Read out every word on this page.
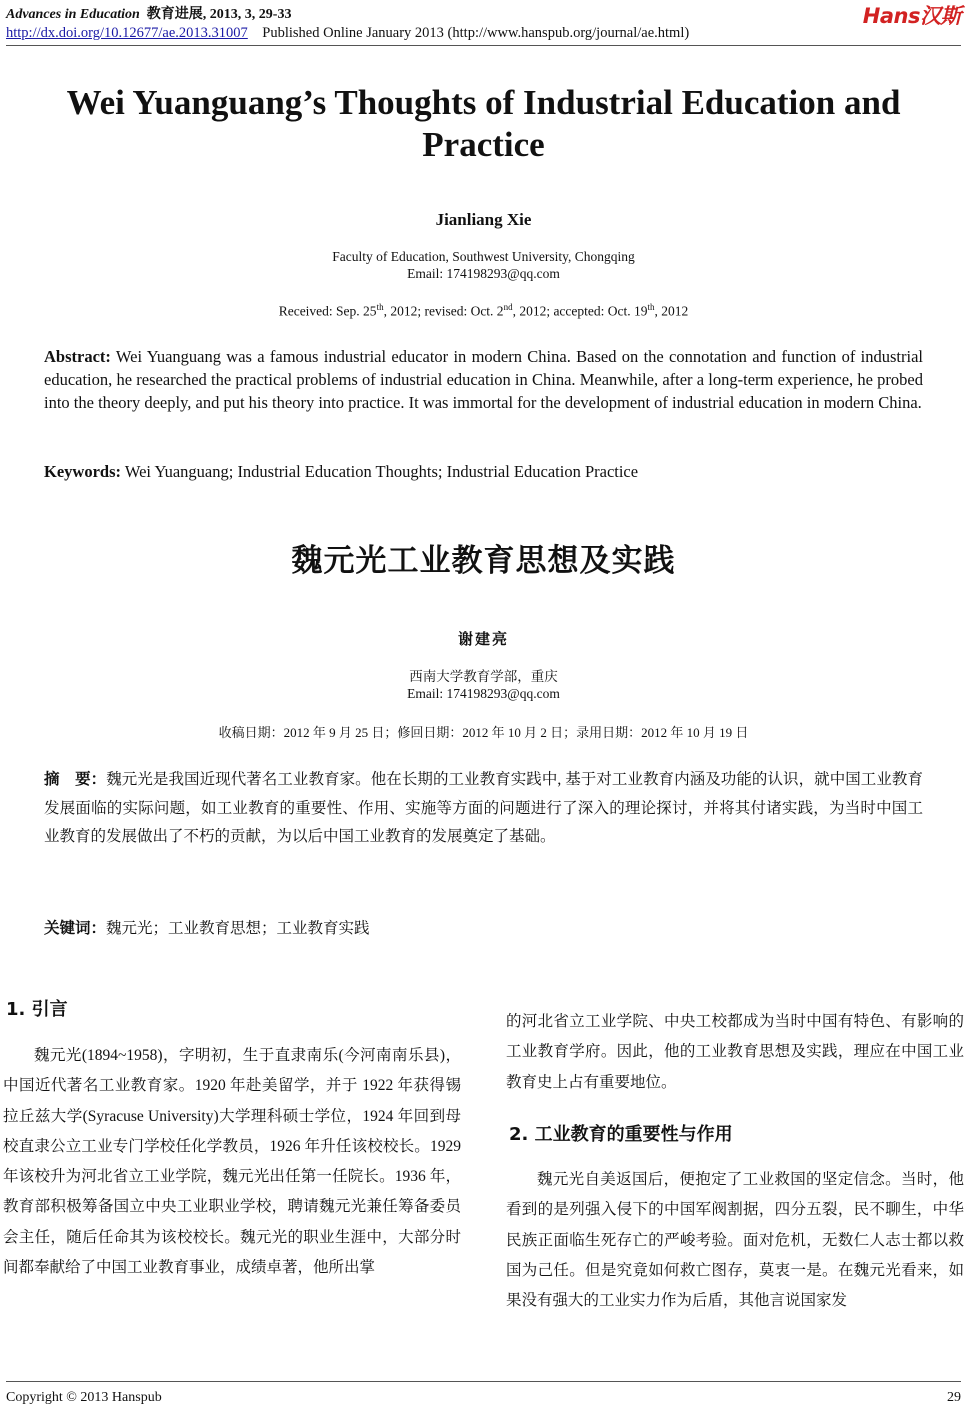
Advances in Education 教育进展, 2013, 3, 29-33
http://dx.doi.org/10.12677/ae.2013.31007 Published Online January 2013 (http://www.hanspub.org/journal/ae.html)
Hans汉斯
Wei Yuanguang’s Thoughts of Industrial Education and Practice
Jianliang Xie
Faculty of Education, Southwest University, Chongqing
Email: 174198293@qq.com
Received: Sep. 25th, 2012; revised: Oct. 2nd, 2012; accepted: Oct. 19th, 2012
Abstract: Wei Yuanguang was a famous industrial educator in modern China. Based on the connotation and function of industrial education, he researched the practical problems of industrial education in China. Meanwhile, after a long-term experience, he probed into the theory deeply, and put his theory into practice. It was immortal for the development of industrial education in modern China.
Keywords: Wei Yuanguang; Industrial Education Thoughts; Industrial Education Practice
魏元光工业教育思想及实践
谢建亮
西南大学教育学部，重庆
Email: 174198293@qq.com
收稿日期：2012 年 9 月 25 日；修回日期：2012 年 10 月 2 日；录用日期：2012 年 10 月 19 日
摘　要：魏元光是我国近现代著名工业教育家。他在长期的工业教育实践中, 基于对工业教育内涵及功能的认识，就中国工业教育发展面临的实际问题，如工业教育的重要性、作用、实施等方面的问题进行了深入的理论探讨，并将其付诸实践，为当时中国工业教育的发展做出了不朽的贡献，为以后中国工业教育的发展奠定了基础。
关键词：魏元光；工业教育思想；工业教育实践
1. 引言

魏元光(1894~1958)，字明初，生于直隶南乐(今河南南乐县)，中国近代著名工业教育家。1920 年赴美留学，并于 1922 年获得锡拉丘兹大学(Syracuse University)大学理科硕士学位，1924 年回到母校直隶公立工业专门学校任化学教员，1926 年升任该校校长。1929 年该校升为河北省立工业学院，魏元光出任第一任院长。1936 年，教育部积极筹备国立中央工业职业学校，聘请魏元光兼任筹备委员会主任，随后任命其为该校校长。魏元光的职业生涯中，大部分时间都奉献给了中国工业教育事业，成绩卓著，他所出掌

的河北省立工业学院、中央工校都成为当时中国有特色、有影响的工业教育学府。因此，他的工业教育思想及实践，理应在中国工业教育史上占有重要地位。
2. 工业教育的重要性与作用

魏元光自美返国后，便抱定了工业救国的坚定信念。当时，他看到的是列强入侵下的中国军阀割据，四分五裂，民不聊生，中华民族正面临生死存亡的严峻考验。面对危机，无数仁人志士都以救国为己任。但是究竟如何救亡图存，莫衷一是。在魏元光看来，如果没有强大的工业实力作为后盾，其他言说国家发

Copyright © 2013 Hanspub	29
